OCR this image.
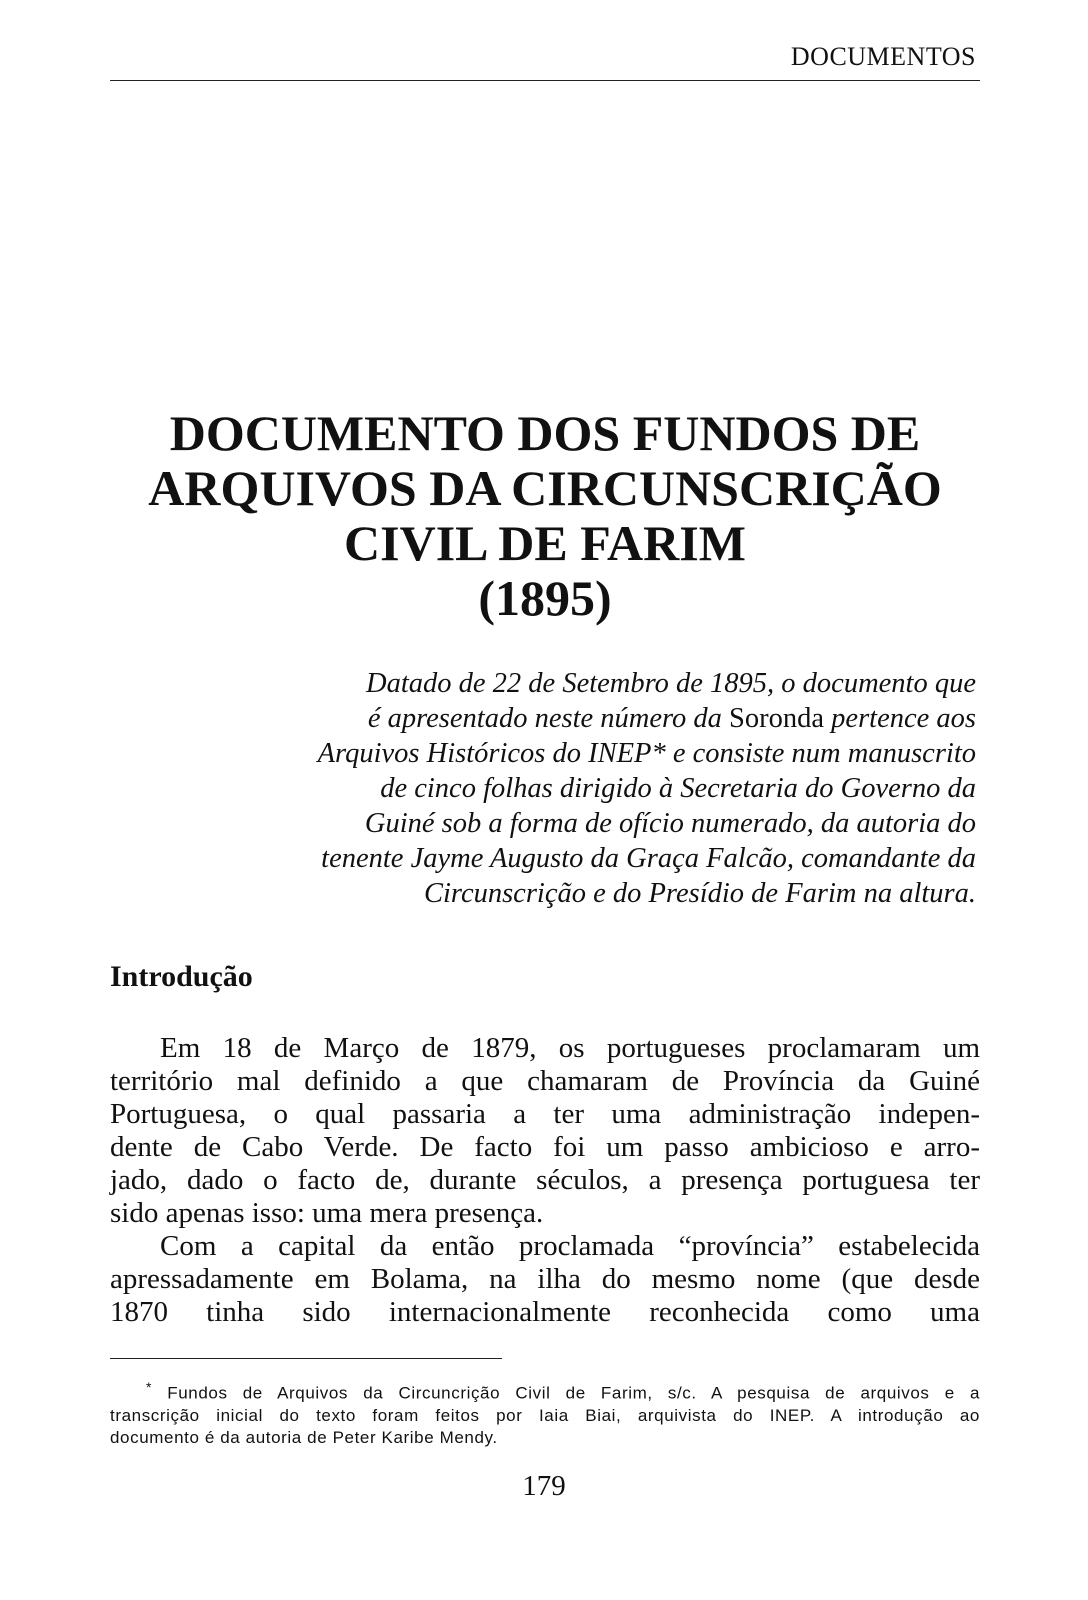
DOCUMENTOS
DOCUMENTO DOS FUNDOS DE
ARQUIVOS DA CIRCUNSCRIÇÃO
CIVIL DE FARIM
(1895)
Datado de 22 de Setembro de 1895, o documento que
é apresentado neste número da Soronda pertence aos
Arquivos Históricos do INEP* e consiste num manuscrito
de cinco folhas dirigido à Secretaria do Governo da
Guiné sob a forma de ofício numerado, da autoria do
tenente Jayme Augusto da Graça Falcão, comandante da
Circunscrição e do Presídio de Farim na altura.
Introdução
Em 18 de Março de 1879, os portugueses proclamaram um
território mal definido a que chamaram de Província da Guiné
Portuguesa, o qual passaria a ter uma administração indepen-
dente de Cabo Verde. De facto foi um passo ambicioso e arro-
jado, dado o facto de, durante séculos, a presença portuguesa ter
sido apenas isso: uma mera presença.
Com a capital da então proclamada “província” estabelecida
apressadamente em Bolama, na ilha do mesmo nome (que desde
1870 tinha sido internacionalmente reconhecida como uma
* Fundos de Arquivos da Circuncrição Civil de Farim, s/c. A pesquisa de arquivos e a
transcrição inicial do texto foram feitos por Iaia Biai, arquivista do INEP. A introdução ao
documento é da autoria de Peter Karibe Mendy.
179
